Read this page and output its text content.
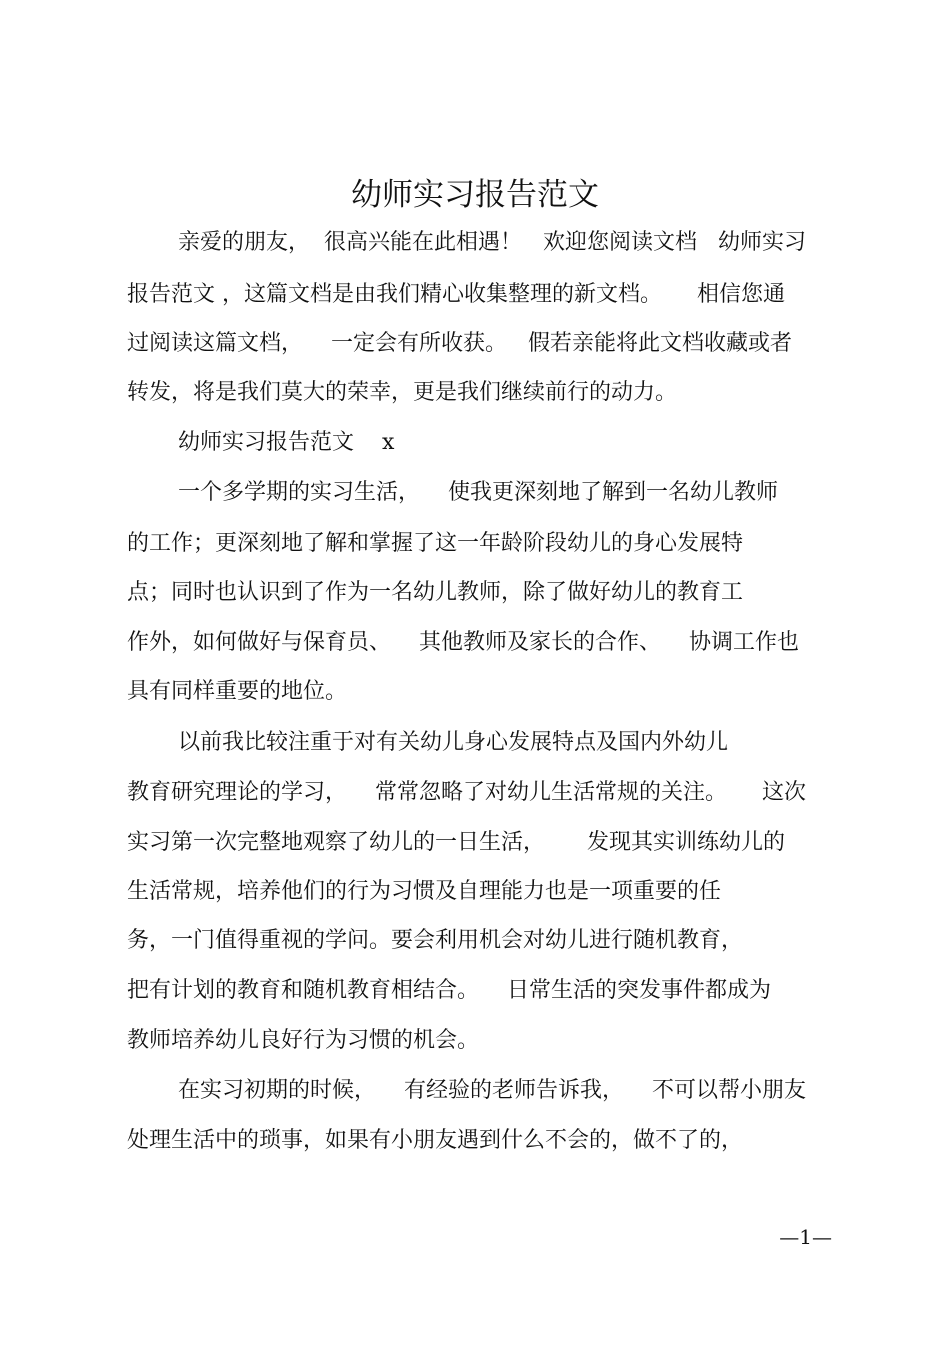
幼师实习报告范文
亲爱的朋友，  很高兴能在此相遇！   欢迎您阅读文档   幼师实习
报告范文 ，这篇文档是由我们精心收集整理的新文档。     相信您通
过阅读这篇文档，    一定会有所收获。   假若亲能将此文档收藏或者
转发，将是我们莫大的荣幸，更是我们继续前行的动力。
幼师实习报告范文    x
一个多学期的实习生活，    使我更深刻地了解到一名幼儿教师
的工作；更深刻地了解和掌握了这一年龄阶段幼儿的身心发展特
点；同时也认识到了作为一名幼儿教师，除了做好幼儿的教育工
作外，如何做好与保育员、    其他教师及家长的合作、    协调工作也
具有同样重要的地位。
以前我比较注重于对有关幼儿身心发展特点及国内外幼儿
教育研究理论的学习，    常常忽略了对幼儿生活常规的关注。     这次
实习第一次完整地观察了幼儿的一日生活，      发现其实训练幼儿的
生活常规，培养他们的行为习惯及自理能力也是一项重要的任
务，一门值得重视的学问。要会利用机会对幼儿进行随机教育，
把有计划的教育和随机教育相结合。    日常生活的突发事件都成为
教师培养幼儿良好行为习惯的机会。
在实习初期的时候，    有经验的老师告诉我，    不可以帮小朋友
处理生活中的琐事，如果有小朋友遇到什么不会的，做不了的，
—1—
